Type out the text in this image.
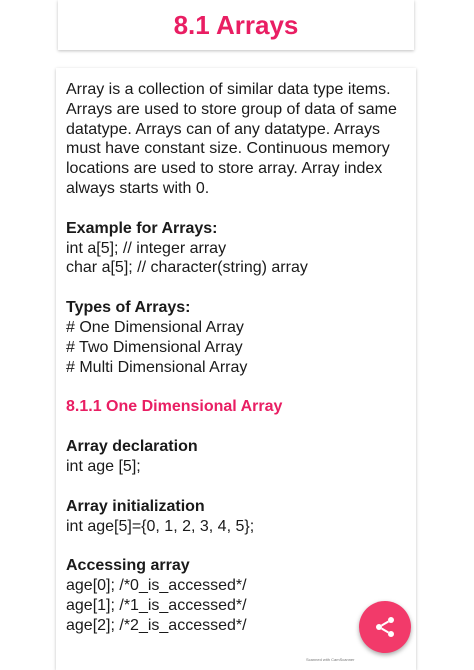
8.1 Arrays

Array is a collection of similar data type items. Arrays are used to store group of data of same datatype. Arrays can of any datatype. Arrays must have constant size. Continuous memory locations are used to store array. Array index always starts with 0.

Example for Arrays:

int a[5]; // integer array

char a[5]; // character(string) array

Types of Arrays:

# One Dimensional Array

# Two Dimensional Array

# Multi Dimensional Array

8.1.1 One Dimensional Array

Array declaration

int age [5];

Array initialization

int age[5]={0, 1, 2, 3, 4, 5};

Accessing array

age[0]; /*0_is_accessed*/

age[1]; /*1_is_accessed*/

age[2]; /*2_is_accessed*/

Scanned with CamScanner
